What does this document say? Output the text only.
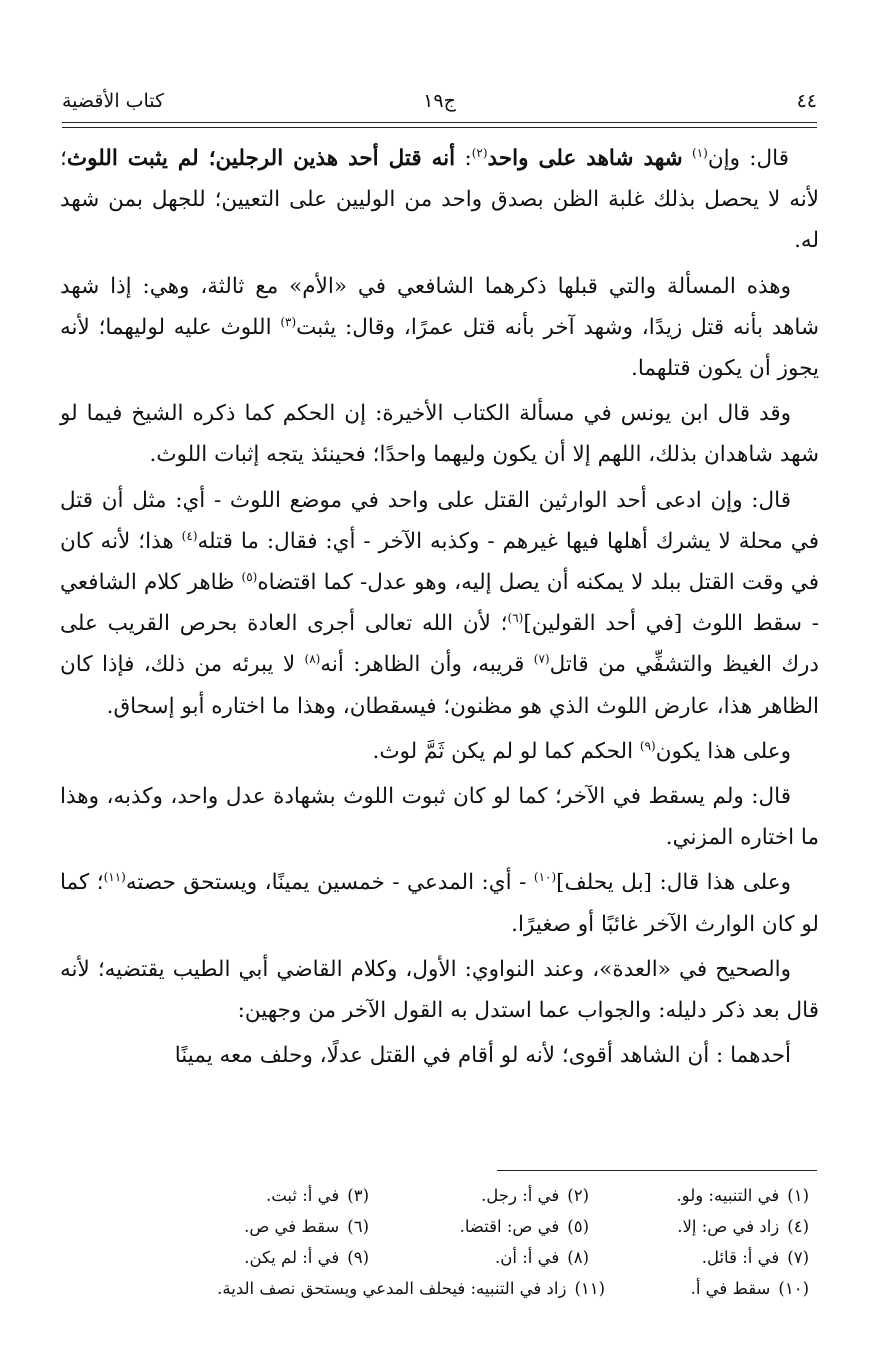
٤٤
ج١٩
كتاب الأقضية

قال: وإن$^{(١)}$ شهد شاهد على واحد$^{(٢)}$: أنه قتل أحد هذين الرجلين؛ لم يثبت اللوث؛ لأنه لا يحصل بذلك غلبة الظن بصدق واحد من الوليين على التعيين؛ للجهل بمن شهد له.

وهذه المسألة والتي قبلها ذكرهما الشافعي في «الأم» مع ثالثة، وهي: إذا شهد شاهد بأنه قتل زيدًا، وشهد آخر بأنه قتل عمرًا، وقال: يثبت$^{(٣)}$ اللوث عليه لوليهما؛ لأنه يجوز أن يكون قتلهما.

وقد قال ابن يونس في مسألة الكتاب الأخيرة: إن الحكم كما ذكره الشيخ فيما لو شهد شاهدان بذلك، اللهم إلا أن يكون وليهما واحدًا؛ فحينئذ يتجه إثبات اللوث.

قال: وإن ادعى أحد الوارثين القتل على واحد في موضع اللوث - أي: مثل أن قتل في محلة لا يشرك أهلها فيها غيرهم - وكذبه الآخر - أي: فقال: ما قتله$^{(٤)}$ هذا؛ لأنه كان في وقت القتل ببلد لا يمكنه أن يصل إليه، وهو عدل- كما اقتضاه$^{(٥)}$ ظاهر كلام الشافعي - سقط اللوث [في أحد القولين]$^{(٦)}$؛ لأن الله تعالى أجرى العادة بحرص القريب على درك الغيظ والتشفِّي من قاتل$^{(٧)}$ قريبه، وأن الظاهر: أنه$^{(٨)}$ لا يبرئه من ذلك، فإذا كان الظاهر هذا، عارض اللوث الذي هو مظنون؛ فيسقطان، وهذا ما اختاره أبو إسحاق.

وعلى هذا يكون$^{(٩)}$ الحكم كما لو لم يكن ثَمَّ لوث.

قال: ولم يسقط في الآخر؛ كما لو كان ثبوت اللوث بشهادة عدل واحد، وكذبه، وهذا ما اختاره المزني.

وعلى هذا قال: [بل يحلف]$^{(١٠)}$ - أي: المدعي - خمسين يمينًا، ويستحق حصته$^{(١١)}$؛ كما لو كان الوارث الآخر غائبًا أو صغيرًا.

والصحيح في «العدة»، وعند النواوي: الأول، وكلام القاضي أبي الطيب يقتضيه؛ لأنه قال بعد ذكر دليله: والجواب عما استدل به القول الآخر من وجهين:

أحدهما : أن الشاهد أقوى؛ لأنه لو أقام في القتل عدلًا، وحلف معه يمينًا

(١)في التنبيه: ولو.
(٢)في أ: رجل.
(٣)في أ: ثبت.
(٤)زاد في ص: إلا.
(٥)في ص: اقتضا.
(٦)سقط في ص.
(٧)في أ: قائل.
(٨)في أ: أن.
(٩)في أ: لم يكن.
(١٠)سقط في أ.
(١١)زاد في التنبيه: فيحلف المدعي ويستحق نصف الدية.
